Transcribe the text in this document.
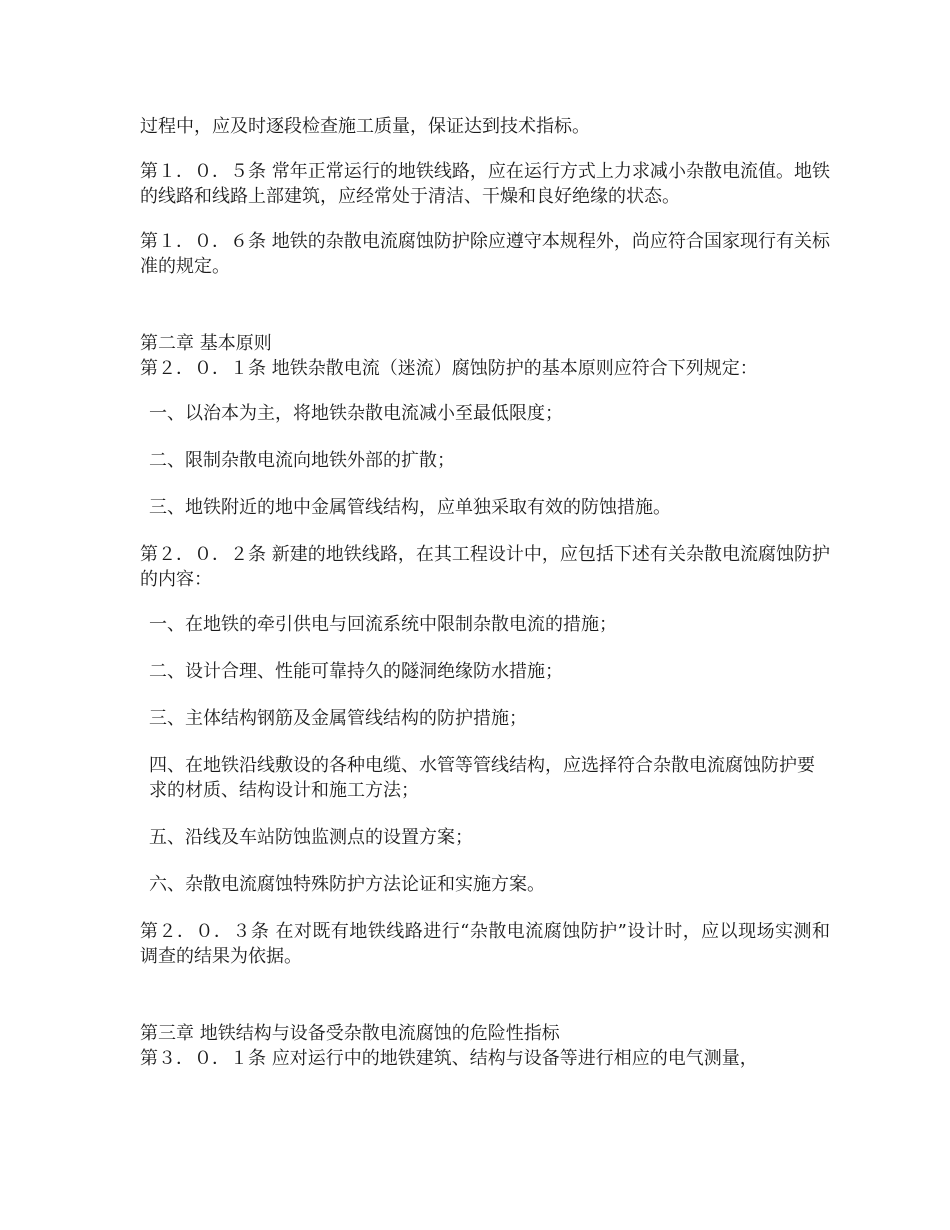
过程中，应及时逐段检查施工质量，保证达到技术指标。

第１．０．５条 常年正常运行的地铁线路，应在运行方式上力求减小杂散电流值。地铁的线路和线路上部建筑，应经常处于清洁、干燥和良好绝缘的状态。

第１．０．６条 地铁的杂散电流腐蚀防护除应遵守本规程外，尚应符合国家现行有关标准的规定。

第二章 基本原则

第２．０．１条 地铁杂散电流（迷流）腐蚀防护的基本原则应符合下列规定：

一、以治本为主，将地铁杂散电流减小至最低限度；

二、限制杂散电流向地铁外部的扩散；

三、地铁附近的地中金属管线结构，应单独采取有效的防蚀措施。

第２．０．２条 新建的地铁线路，在其工程设计中，应包括下述有关杂散电流腐蚀防护的内容：

一、在地铁的牵引供电与回流系统中限制杂散电流的措施；

二、设计合理、性能可靠持久的隧洞绝缘防水措施；

三、主体结构钢筋及金属管线结构的防护措施；

四、在地铁沿线敷设的各种电缆、水管等管线结构，应选择符合杂散电流腐蚀防护要求的材质、结构设计和施工方法；

五、沿线及车站防蚀监测点的设置方案；

六、杂散电流腐蚀特殊防护方法论证和实施方案。

第２．０．３条 在对既有地铁线路进行“杂散电流腐蚀防护”设计时，应以现场实测和调查的结果为依据。

第三章 地铁结构与设备受杂散电流腐蚀的危险性指标

第３．０．１条 应对运行中的地铁建筑、结构与设备等进行相应的电气测量，
